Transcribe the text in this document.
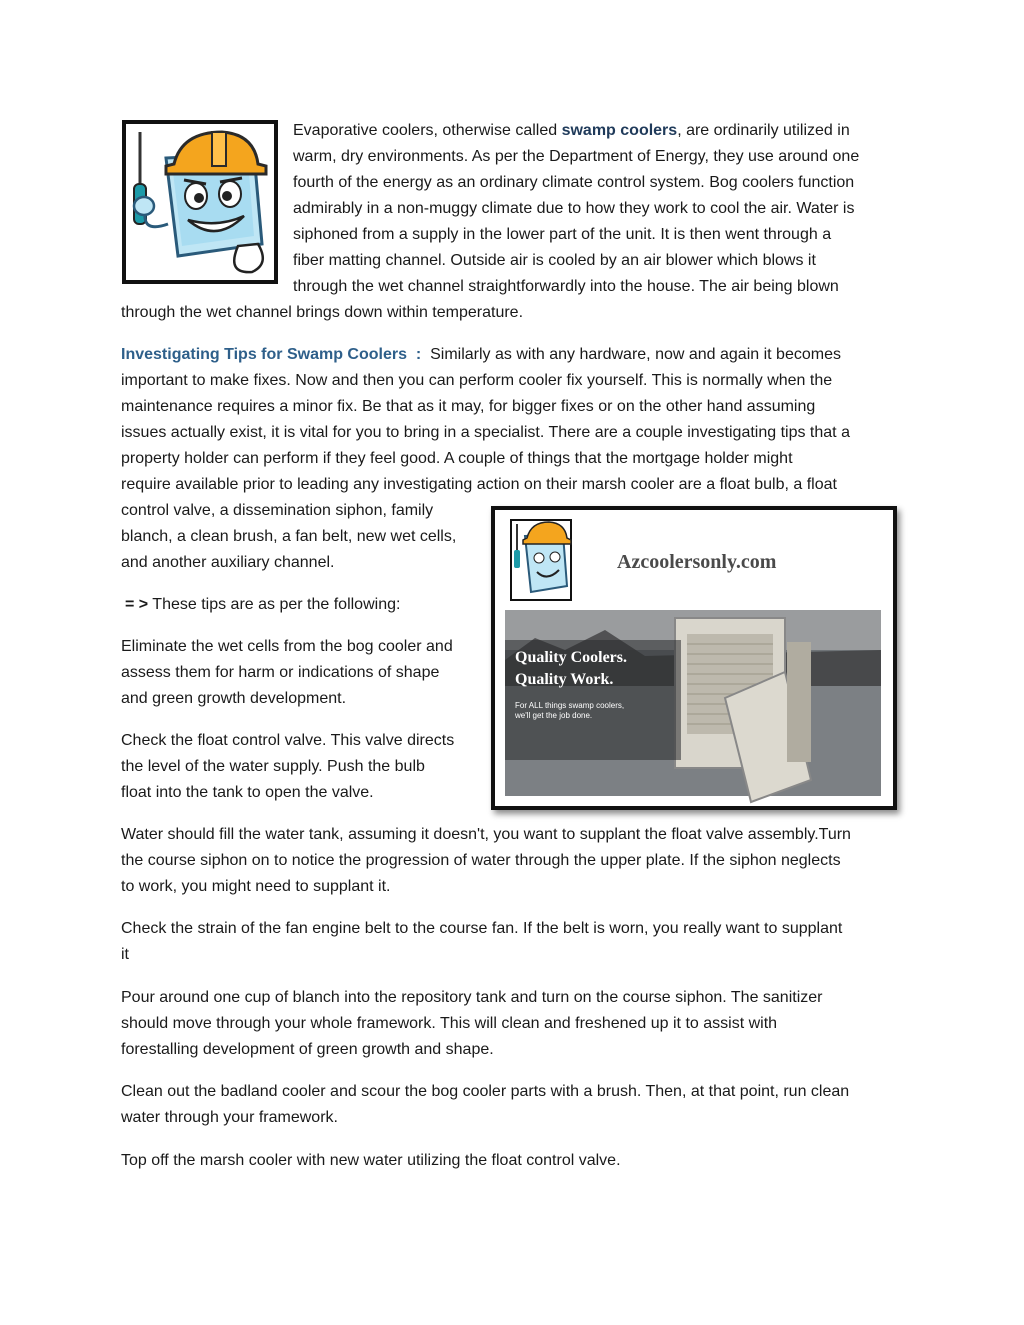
Evaporative coolers, otherwise called swamp coolers, are ordinarily utilized in
warm, dry environments. As per the Department of Energy, they use around one
fourth of the energy as an ordinary climate control system. Bog coolers function
admirably in a non-muggy climate due to how they work to cool the air. Water is
siphoned from a supply in the lower part of the unit. It is then went through a
fiber matting channel. Outside air is cooled by an air blower which blows it
through the wet channel straightforwardly into the house. The air being blown
through the wet channel brings down within temperature.
Investigating Tips for Swamp Coolers  : Similarly as with any hardware, now and again it becomes
important to make fixes. Now and then you can perform cooler fix yourself. This is normally when the
maintenance requires a minor fix. Be that as it may, for bigger fixes or on the other hand assuming
issues actually exist, it is vital for you to bring in a specialist. There are a couple investigating tips that a
property holder can perform if they feel good. A couple of things that the mortgage holder might
require available prior to leading any investigating action on their marsh cooler are a float bulb, a float
control valve, a dissemination siphon, family
blanch, a clean brush, a fan belt, new wet cells,
and another auxiliary channel.
= > These tips are as per the following:
Eliminate the wet cells from the bog cooler and
assess them for harm or indications of shape
and green growth development.
Check the float control valve. This valve directs
the level of the water supply. Push the bulb
float into the tank to open the valve.
Azcoolersonly.com
Quality Coolers.
Quality Work.
For ALL things swamp coolers,
we'll get the job done.
Water should fill the water tank, assuming it doesn't, you want to supplant the float valve assembly.Turn
the course siphon on to notice the progression of water through the upper plate. If the siphon neglects
to work, you might need to supplant it.
Check the strain of the fan engine belt to the course fan. If the belt is worn, you really want to supplant
it
Pour around one cup of blanch into the repository tank and turn on the course siphon. The sanitizer
should move through your whole framework. This will clean and freshened up it to assist with
forestalling development of green growth and shape.
Clean out the badland cooler and scour the bog cooler parts with a brush. Then, at that point, run clean
water through your framework.
Top off the marsh cooler with new water utilizing the float control valve.
